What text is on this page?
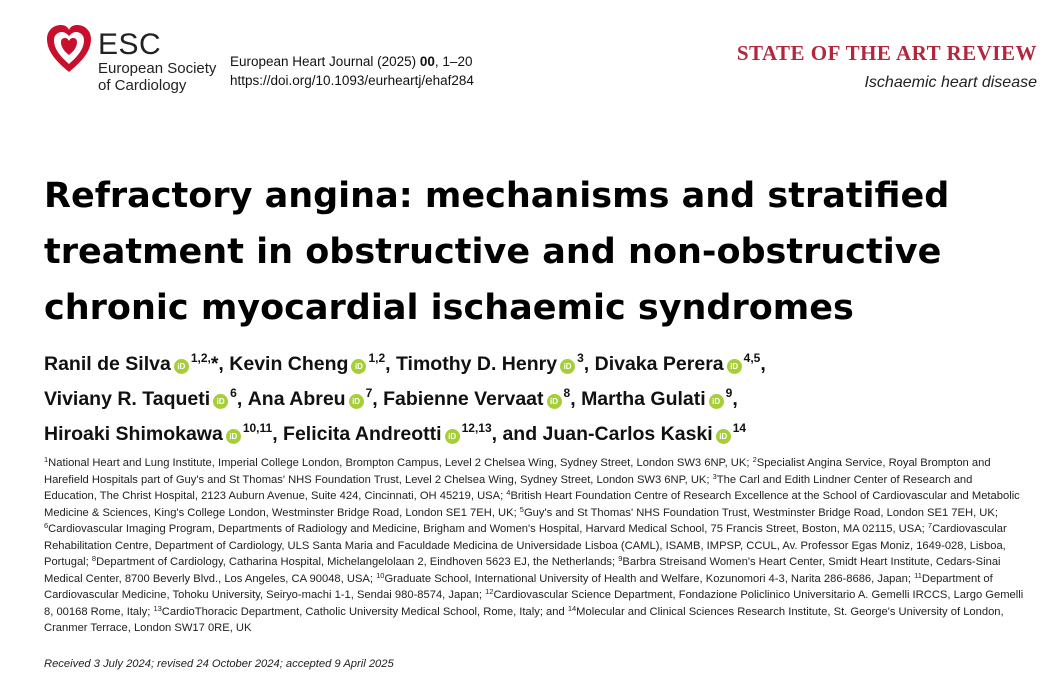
ESC
European Society
of Cardiology
European Heart Journal (2025) 00, 1–20
https://doi.org/10.1093/eurheartj/ehaf284
STATE OF THE ART REVIEW
Ischaemic heart disease
Refractory angina: mechanisms and stratified
treatment in obstructive and non-obstructive
chronic myocardial ischaemic syndromes
Ranil de Silva iD$^{1,2,}$*, Kevin Cheng iD$^{1,2}$, Timothy D. Henry iD$^3$, Divaka Perera iD$^{4,5}$,
Viviany R. Taqueti iD$^6$, Ana Abreu iD$^7$, Fabienne Vervaat iD$^8$, Martha Gulati iD$^9$,
Hiroaki Shimokawa iD$^{10,11}$, Felicita Andreotti iD$^{12,13}$, and Juan-Carlos Kaski iD$^{14}$
$^1$National Heart and Lung Institute, Imperial College London, Brompton Campus, Level 2 Chelsea Wing, Sydney Street, London SW3 6NP, UK; $^2$Specialist Angina Service, Royal Brompton and Harefield Hospitals part of Guy's and St Thomas' NHS Foundation Trust, Level 2 Chelsea Wing, Sydney Street, London SW3 6NP, UK; $^3$The Carl and Edith Lindner Center of Research and Education, The Christ Hospital, 2123 Auburn Avenue, Suite 424, Cincinnati, OH 45219, USA; $^4$British Heart Foundation Centre of Research Excellence at the School of Cardiovascular and Metabolic Medicine & Sciences, King's College London, Westminster Bridge Road, London SE1 7EH, UK; $^5$Guy's and St Thomas' NHS Foundation Trust, Westminster Bridge Road, London SE1 7EH, UK; $^6$Cardiovascular Imaging Program, Departments of Radiology and Medicine, Brigham and Women's Hospital, Harvard Medical School, 75 Francis Street, Boston, MA 02115, USA; $^7$Cardiovascular Rehabilitation Centre, Department of Cardiology, ULS Santa Maria and Faculdade Medicina de Universidade Lisboa (CAML), ISAMB, IMPSP, CCUL, Av. Professor Egas Moniz, 1649-028, Lisboa, Portugal; $^8$Department of Cardiology, Catharina Hospital, Michelangelolaan 2, Eindhoven 5623 EJ, the Netherlands; $^9$Barbra Streisand Women's Heart Center, Smidt Heart Institute, Cedars-Sinai Medical Center, 8700 Beverly Blvd., Los Angeles, CA 90048, USA; $^{10}$Graduate School, International University of Health and Welfare, Kozunomori 4-3, Narita 286-8686, Japan; $^{11}$Department of Cardiovascular Medicine, Tohoku University, Seiryo-machi 1-1, Sendai 980-8574, Japan; $^{12}$Cardiovascular Science Department, Fondazione Policlinico Universitario A. Gemelli IRCCS, Largo Gemelli 8, 00168 Rome, Italy; $^{13}$CardioThoracic Department, Catholic University Medical School, Rome, Italy; and $^{14}$Molecular and Clinical Sciences Research Institute, St. George's University of London, Cranmer Terrace, London SW17 0RE, UK
Received 3 July 2024; revised 24 October 2024; accepted 9 April 2025
